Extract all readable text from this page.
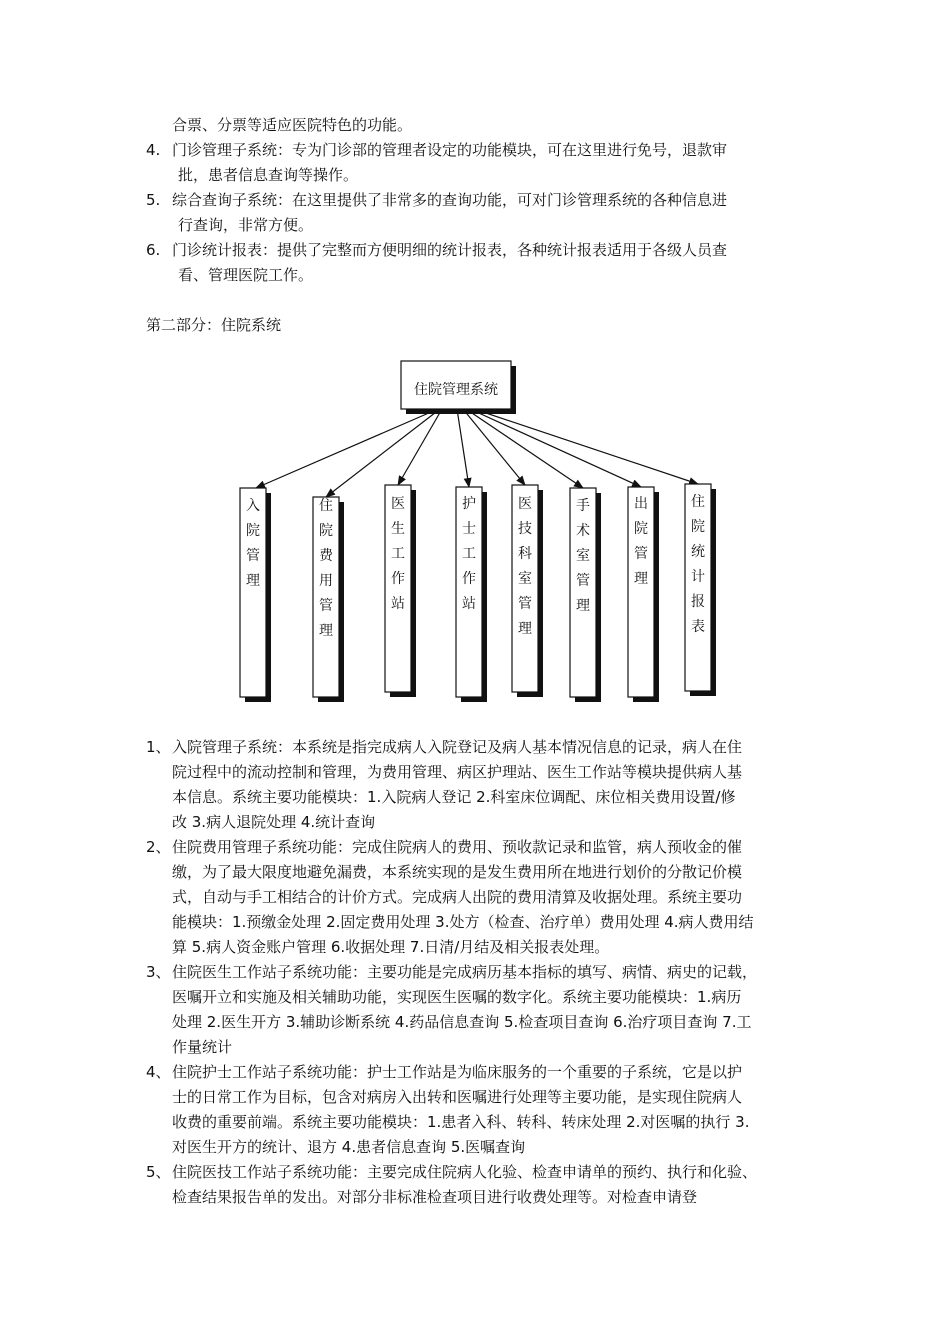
合票、分票等适应医院特色的功能。
4. 门诊管理子系统：专为门诊部的管理者设定的功能模块，可在这里进行免号，退款审
批，患者信息查询等操作。
5. 综合查询子系统：在这里提供了非常多的查询功能，可对门诊管理系统的各种信息进
行查询，非常方便。
6. 门诊统计报表：提供了完整而方便明细的统计报表，各种统计报表适用于各级人员查
看、管理医院工作。
第二部分：住院系统
住院管理系统
入院管理
住院费用管理
医生工作站
护士工作站
医技科室管理
手术室管理
出院管理
住院统计报表
1、 入院管理子系统：本系统是指完成病人入院登记及病人基本情况信息的记录，病人在住
院过程中的流动控制和管理，为费用管理、病区护理站、医生工作站等模块提供病人基
本信息。系统主要功能模块：1.入院病人登记 2.科室床位调配、床位相关费用设置/修
改 3.病人退院处理 4.统计查询
2、 住院费用管理子系统功能：完成住院病人的费用、预收款记录和监管，病人预收金的催
缴，为了最大限度地避免漏费，本系统实现的是发生费用所在地进行划价的分散记价模
式，自动与手工相结合的计价方式。完成病人出院的费用清算及收据处理。系统主要功
能模块：1.预缴金处理 2.固定费用处理 3.处方（检查、治疗单）费用处理 4.病人费用结
算 5.病人资金账户管理 6.收据处理 7.日清/月结及相关报表处理。
3、 住院医生工作站子系统功能：主要功能是完成病历基本指标的填写、病情、病史的记载，
医嘱开立和实施及相关辅助功能，实现医生医嘱的数字化。系统主要功能模块：1.病历
处理 2.医生开方 3.辅助诊断系统 4.药品信息查询 5.检查项目查询 6.治疗项目查询 7.工
作量统计
4、 住院护士工作站子系统功能：护士工作站是为临床服务的一个重要的子系统，它是以护
士的日常工作为目标，包含对病房入出转和医嘱进行处理等主要功能，是实现住院病人
收费的重要前端。系统主要功能模块：1.患者入科、转科、转床处理 2.对医嘱的执行 3.
对医生开方的统计、退方 4.患者信息查询 5.医嘱查询
5、 住院医技工作站子系统功能：主要完成住院病人化验、检查申请单的预约、执行和化验、
检查结果报告单的发出。对部分非标准检查项目进行收费处理等。对检查申请登
